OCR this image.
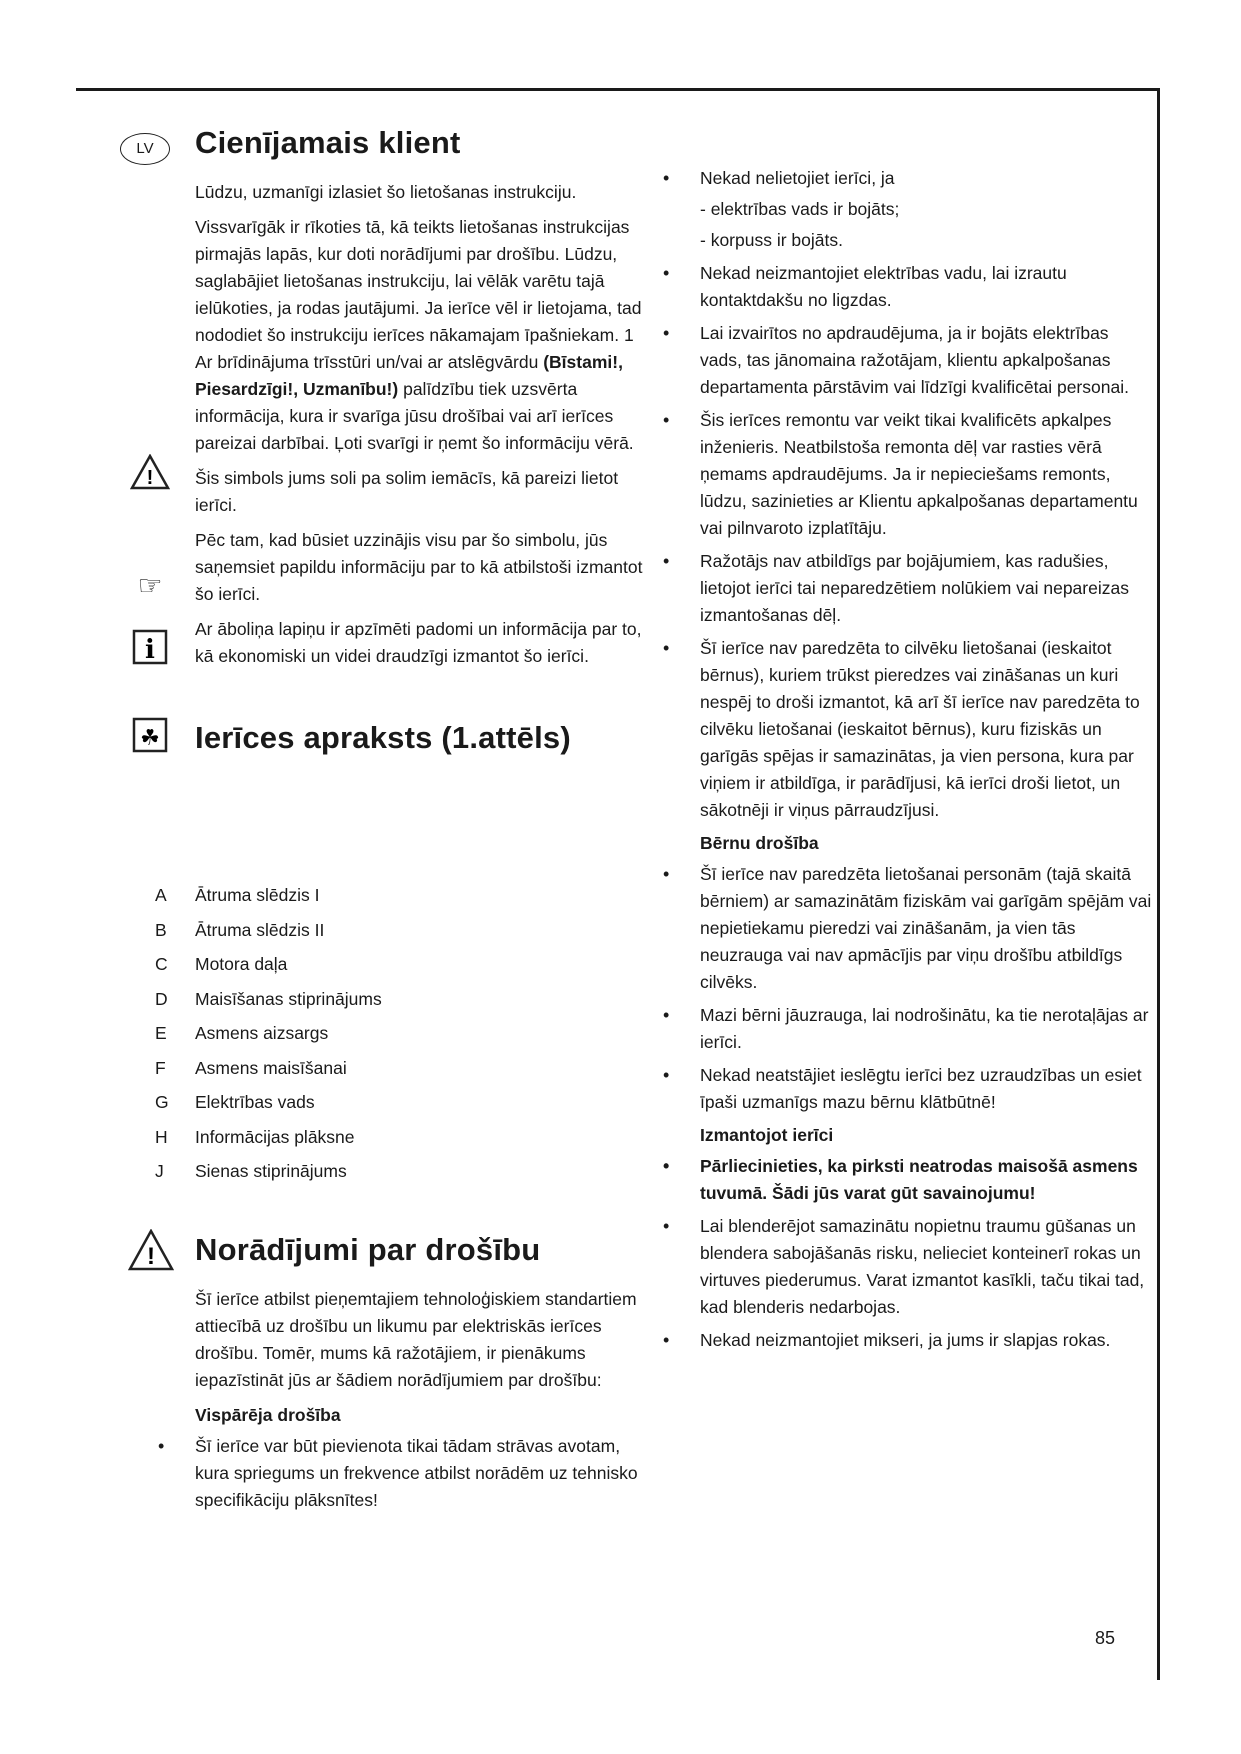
LV
!
☞
i
☘
!
Cienījamais klient

Lūdzu, uzmanīgi izlasiet šo lietošanas instrukciju.

Vissvarīgāk ir rīkoties tā, kā teikts lietošanas instrukcijas pirmajās lapās, kur doti norādījumi par drošību. Lūdzu, saglabājiet lietošanas instrukciju, lai vēlāk varētu tajā ielūkoties, ja rodas jautājumi. Ja ierīce vēl ir lietojama, tad nododiet šo instrukciju ierīces nākamajam īpašniekam. 1 Ar brīdinājuma trīsstūri un/vai ar atslēgvārdu (Bīstami!, Piesardzīgi!, Uzmanību!) palīdzību tiek uzsvērta informācija, kura ir svarīga jūsu drošībai vai arī ierīces pareizai darbībai. Ļoti svarīgi ir ņemt šo informāciju vērā.

Šis simbols jums soli pa solim iemācīs, kā pareizi lietot ierīci.

Pēc tam, kad būsiet uzzinājis visu par šo simbolu, jūs saņemsiet papildu informāciju par to kā atbilstoši izmantot šo ierīci.

Ar āboliņa lapiņu ir apzīmēti padomi un informācija par to, kā ekonomiski un videi draudzīgi izmantot šo ierīci.

Ierīces apraksts (1.attēls)
A	Ātruma slēdzis I
B	Ātruma slēdzis II
C	Motora daļa
D	Maisīšanas stiprinājums
E	Asmens aizsargs
F	Asmens maisīšanai
G	Elektrības vads
H	Informācijas plāksne
J	Sienas stiprinājums
Norādījumi par drošību

Šī ierīce atbilst pieņemtajiem tehnoloģiskiem standartiem attiecībā uz drošību un likumu par elektriskās ierīces drošību. Tomēr, mums kā ražotājiem, ir pienākums iepazīstināt jūs ar šādiem norādījumiem par drošību:

Vispārēja drošība

• Šī ierīce var būt pievienota tikai tādam strāvas avotam, kura spriegums un frekvence atbilst norādēm uz tehnisko specifikāciju plāksnītes!

• Nekad nelietojiet ierīci, ja

- elektrības vads ir bojāts;

- korpuss ir bojāts.

• Nekad neizmantojiet elektrības vadu, lai izrautu kontaktdakšu no ligzdas.

• Lai izvairītos no apdraudējuma, ja ir bojāts elektrības vads, tas jānomaina ražotājam, klientu apkalpošanas departamenta pārstāvim vai līdzīgi kvalificētai personai.

• Šis ierīces remontu var veikt tikai kvalificēts apkalpes inženieris. Neatbilstoša remonta dēļ var rasties vērā ņemams apdraudējums. Ja ir nepieciešams remonts, lūdzu, sazinieties ar Klientu apkalpošanas departamentu vai pilnvaroto izplatītāju.

• Ražotājs nav atbildīgs par bojājumiem, kas radušies, lietojot ierīci tai neparedzētiem nolūkiem vai nepareizas izmantošanas dēļ.

• Šī ierīce nav paredzēta to cilvēku lietošanai (ieskaitot bērnus), kuriem trūkst pieredzes vai zināšanas un kuri nespēj to droši izmantot, kā arī šī ierīce nav paredzēta to cilvēku lietošanai (ieskaitot bērnus), kuru fiziskās un garīgās spējas ir samazinātas, ja vien persona, kura par viņiem ir atbildīga, ir parādījusi, kā ierīci droši lietot, un sākotnēji ir viņus pārraudzījusi.

Bērnu drošība

• Šī ierīce nav paredzēta lietošanai personām (tajā skaitā bērniem) ar samazinātām fiziskām vai garīgām spējām vai nepietiekamu pieredzi vai zināšanām, ja vien tās neuzrauga vai nav apmācījis par viņu drošību atbildīgs cilvēks.

• Mazi bērni jāuzrauga, lai nodrošinātu, ka tie nerotaļājas ar ierīci.

• Nekad neatstājiet ieslēgtu ierīci bez uzraudzības un esiet īpaši uzmanīgs mazu bērnu klātbūtnē!

Izmantojot ierīci

• Pārliecinieties, ka pirksti neatrodas maisošā asmens tuvumā. Šādi jūs varat gūt savainojumu!

• Lai blenderējot samazinātu nopietnu traumu gūšanas un blendera sabojāšanās risku, nelieciet konteinerī rokas un virtuves piederumus. Varat izmantot kasīkli, taču tikai tad, kad blenderis nedarbojas.

• Nekad neizmantojiet mikseri, ja jums ir slapjas rokas.

85
